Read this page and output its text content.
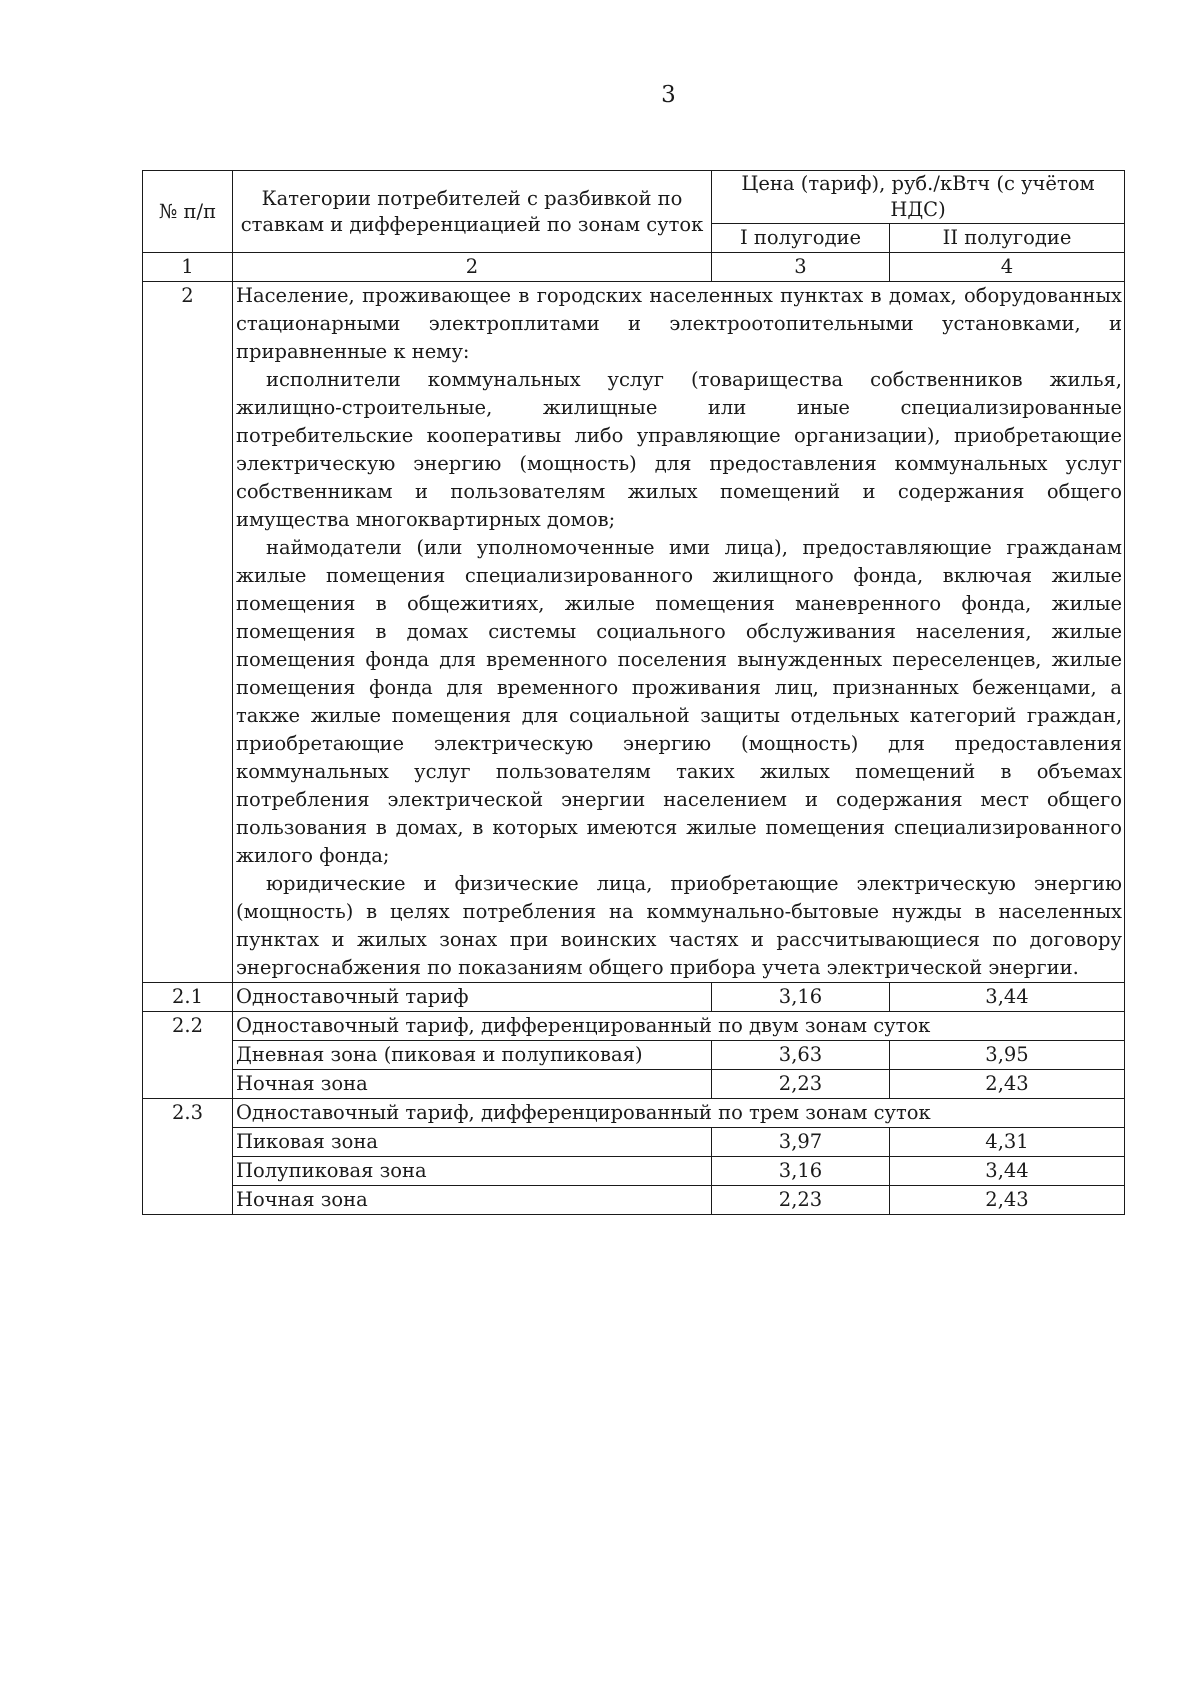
3
№ п/п	Категории потребителей с разбивкой по ставкам и дифференциацией по зонам суток	Цена (тариф), руб./кВтч (с учётом НДС)	
		I полугодие	II полугодие
1	2	3	4
2	Население, проживающее в городских населенных пунктах в домах, оборудованных стационарными электроплитами и электроотопительными установками, и приравненные к нему:

исполнители коммунальных услуг (товарищества собственников жилья, жилищно-строительные, жилищные или иные специализированные потребительские кооперативы либо управляющие организации), приобретающие электрическую энергию (мощность) для предоставления коммунальных услуг собственникам и пользователям жилых помещений и содержания общего имущества многоквартирных домов;

наймодатели (или уполномоченные ими лица), предоставляющие гражданам жилые помещения специализированного жилищного фонда, включая жилые помещения в общежитиях, жилые помещения маневренного фонда, жилые помещения в домах системы социального обслуживания населения, жилые помещения фонда для временного поселения вынужденных переселенцев, жилые помещения фонда для временного проживания лиц, признанных беженцами, а также жилые помещения для социальной защиты отдельных категорий граждан, приобретающие электрическую энергию (мощность) для предоставления коммунальных услуг пользователям таких жилых помещений в объемах потребления электрической энергии населением и содержания мест общего пользования в домах, в которых имеются жилые помещения специализированного жилого фонда;

юридические и физические лица, приобретающие электрическую энергию (мощность) в целях потребления на коммунально-бытовые нужды в населенных пунктах и жилых зонах при воинских частях и рассчитывающиеся по договору энергоснабжения по показаниям общего прибора учета электрической энергии.		

2.1	Одноставочный тариф	3,16	3,44
2.2	Одноставочный тариф, дифференцированный по двум зонам суток		
	Дневная зона (пиковая и полупиковая)	3,63	3,95
	Ночная зона	2,23	2,43
2.3	Одноставочный тариф, дифференцированный по трем зонам суток		
	Пиковая зона	3,97	4,31
	Полупиковая зона	3,16	3,44
	Ночная зона	2,23	2,43
